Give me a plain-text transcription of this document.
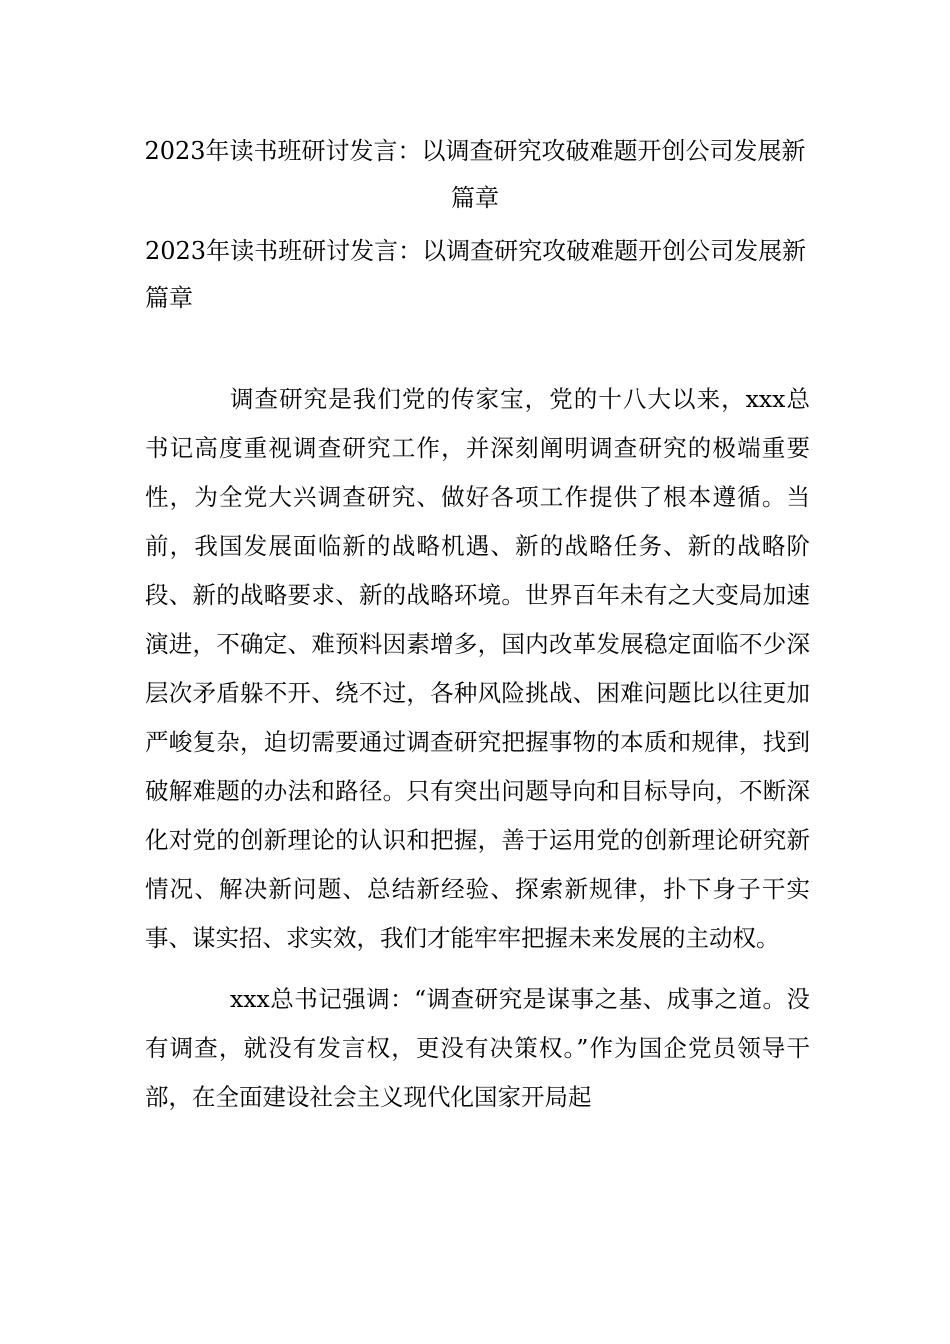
2023年读书班研讨发言：以调查研究攻破难题开创公司发展新篇章
2023年读书班研讨发言：以调查研究攻破难题开创公司发展新篇章

调查研究是我们党的传家宝，党的十八大以来，xxx总书记高度重视调查研究工作，并深刻阐明调查研究的极端重要性，为全党大兴调查研究、做好各项工作提供了根本遵循。当前，我国发展面临新的战略机遇、新的战略任务、新的战略阶段、新的战略要求、新的战略环境。世界百年未有之大变局加速演进，不确定、难预料因素增多，国内改革发展稳定面临不少深层次矛盾躲不开、绕不过，各种风险挑战、困难问题比以往更加严峻复杂，迫切需要通过调查研究把握事物的本质和规律，找到破解难题的办法和路径。只有突出问题导向和目标导向，不断深化对党的创新理论的认识和把握，善于运用党的创新理论研究新情况、解决新问题、总结新经验、探索新规律，扑下身子干实事、谋实招、求实效，我们才能牢牢把握未来发展的主动权。

xxx总书记强调：“调查研究是谋事之基、成事之道。没有调查，就没有发言权，更没有决策权。”作为国企党员领导干部，在全面建设社会主义现代化国家开局起
